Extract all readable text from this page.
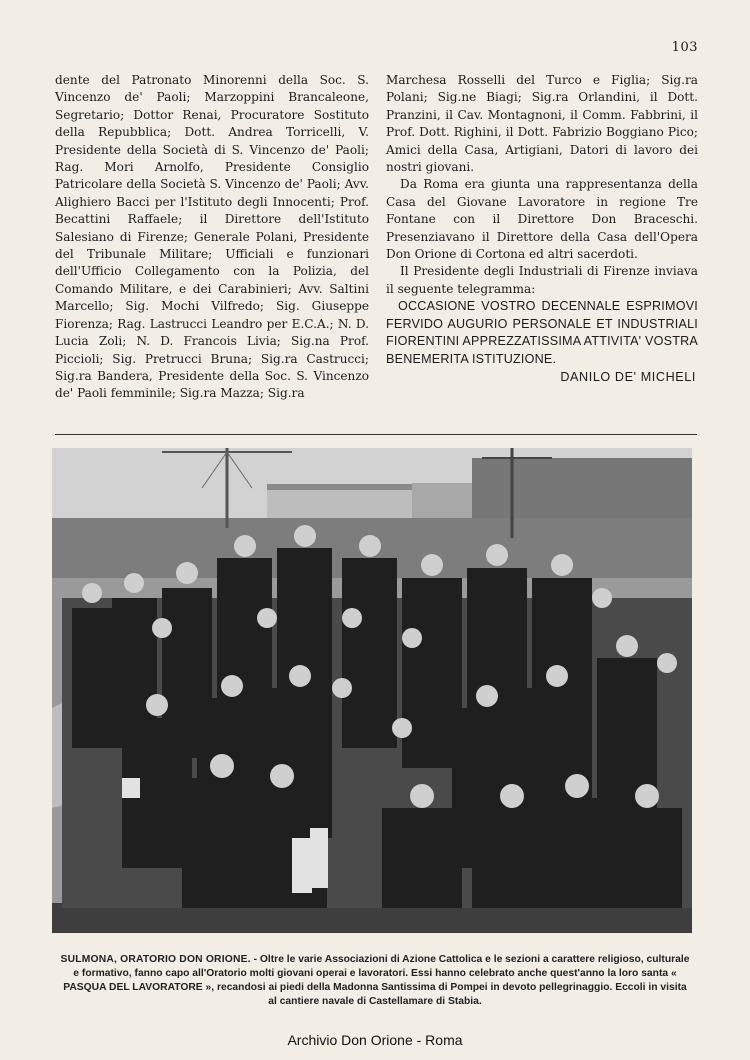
103

dente del Patronato Minorenni della Soc. S. Vincenzo de' Paoli; Marzoppini Brancaleone, Segretario; Dottor Renai, Procuratore Sostituto della Repubblica; Dott. Andrea Torricelli, V. Presidente della Società di S. Vincenzo de' Paoli; Rag. Mori Arnolfo, Presidente Consiglio Patricolare della Società S. Vincenzo de' Paoli; Avv. Alighiero Bacci per l'Istituto degli Innocenti; Prof. Becattini Raffaele; il Direttore dell'Istituto Salesiano di Firenze; Generale Polani, Presidente del Tribunale Militare; Ufficiali e funzionari dell'Ufficio Collegamento con la Polizia, del Comando Militare, e dei Carabinieri; Avv. Saltini Marcello; Sig. Mochi Vilfredo; Sig. Giuseppe Fiorenza; Rag. Lastrucci Leandro per E.C.A.; N. D. Lucia Zoli; N. D. Francois Livia; Sig.na Prof. Piccioli; Sig. Pretrucci Bruna; Sig.ra Castrucci; Sig.ra Bandera, Presidente della Soc. S. Vincenzo de' Paoli femminile; Sig.ra Mazza; Sig.ra

Marchesa Rosselli del Turco e Figlia; Sig.ra Polani; Sig.ne Biagi; Sig.ra Orlandini, il Dott. Pranzini, il Cav. Montagnoni, il Comm. Fabbrini, il Prof. Dott. Righini, il Dott. Fabrizio Boggiano Pico; Amici della Casa, Artigiani, Datori di lavoro dei nostri giovani.

Da Roma era giunta una rappresentanza della Casa del Giovane Lavoratore in regione Tre Fontane con il Direttore Don Braceschi. Presenziavano il Direttore della Casa dell'Opera Don Orione di Cortona ed altri sacerdoti.

Il Presidente degli Industriali di Firenze inviava il seguente telegramma:

OCCASIONE VOSTRO DECENNALE ESPRIMOVI FERVIDO AUGURIO PERSONALE ET INDUSTRIALI FIORENTINI APPREZZATISSIMA ATTIVITA' VOSTRA BENEMERITA ISTITUZIONE.

DANILO DE' MICHELI

SULMONA, ORATORIO DON ORIONE. - Oltre le varie Associazioni di Azione Cattolica e le sezioni a carattere religioso, culturale e formativo, fanno capo all'Oratorio molti giovani operai e lavoratori. Essi hanno celebrato anche quest'anno la loro santa « PASQUA DEL LAVORATORE », recandosi ai piedi della Madonna Santissima di Pompei in devoto pellegrinaggio. Eccoli in visita al cantiere navale di Castellamare di Stabia.
Archivio Don Orione - Roma
